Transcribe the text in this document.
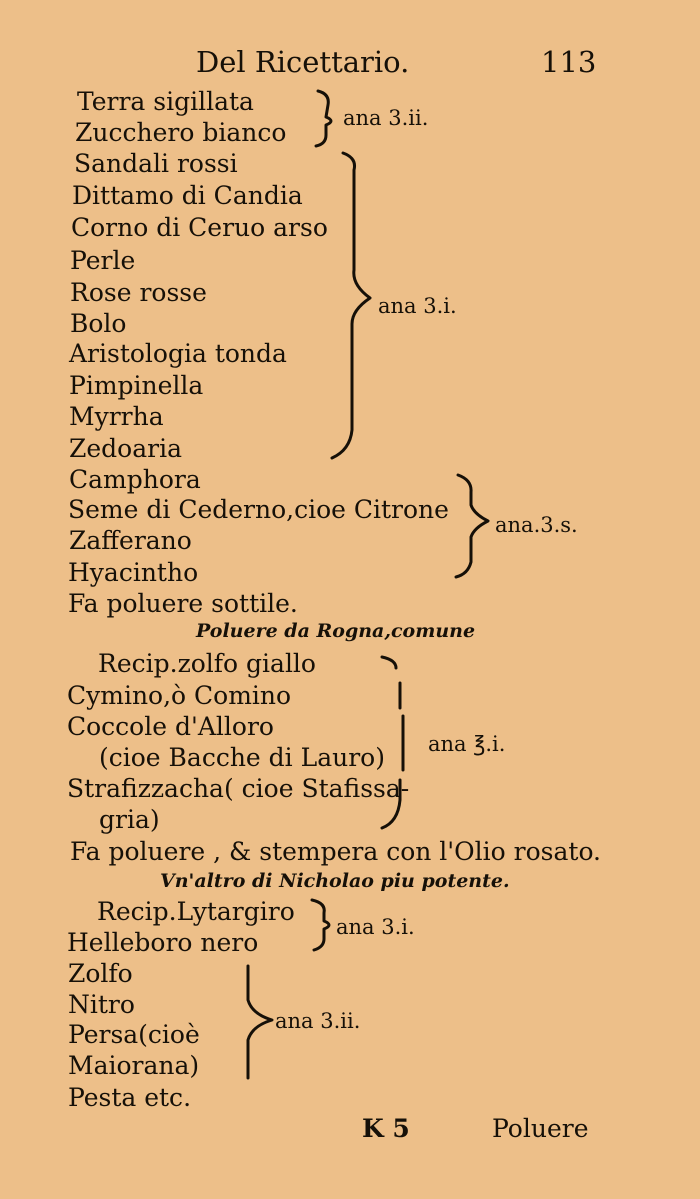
Del Ricettario.	113
Terra sigillata
Zucchero bianco	ana 3.ii.
Sandali rossi
Dittamo di Candia
Corno di Ceruo arso
Perle
Rose rosse
Bolo
Aristologia tonda
Pimpinella
Myrrha
Zedoaria
ana 3.i.
Camphora
Seme di Cederno,cioe Citrone
Zafferano
Hyacintho
ana.3.s.
Fa poluere sottile.
Poluere da Rogna,comune
Recip.zolfo giallo
Cymino,ò Comino
Coccole d'Alloro
(cioe Bacche di Lauro)
Strafizzacha( cioe Stafissa-
gria)
ana ℥.i.
Fa poluere , & stempera con l'Olio rosato.
Vn'altro di Nicholao piu potente.
Recip.Lytargiro
Helleboro nero
ana 3.i.
Zolfo
Nitro
Persa(cioè
Maiorana)
ana 3.ii.
Pesta etc.
K 5	Poluere
